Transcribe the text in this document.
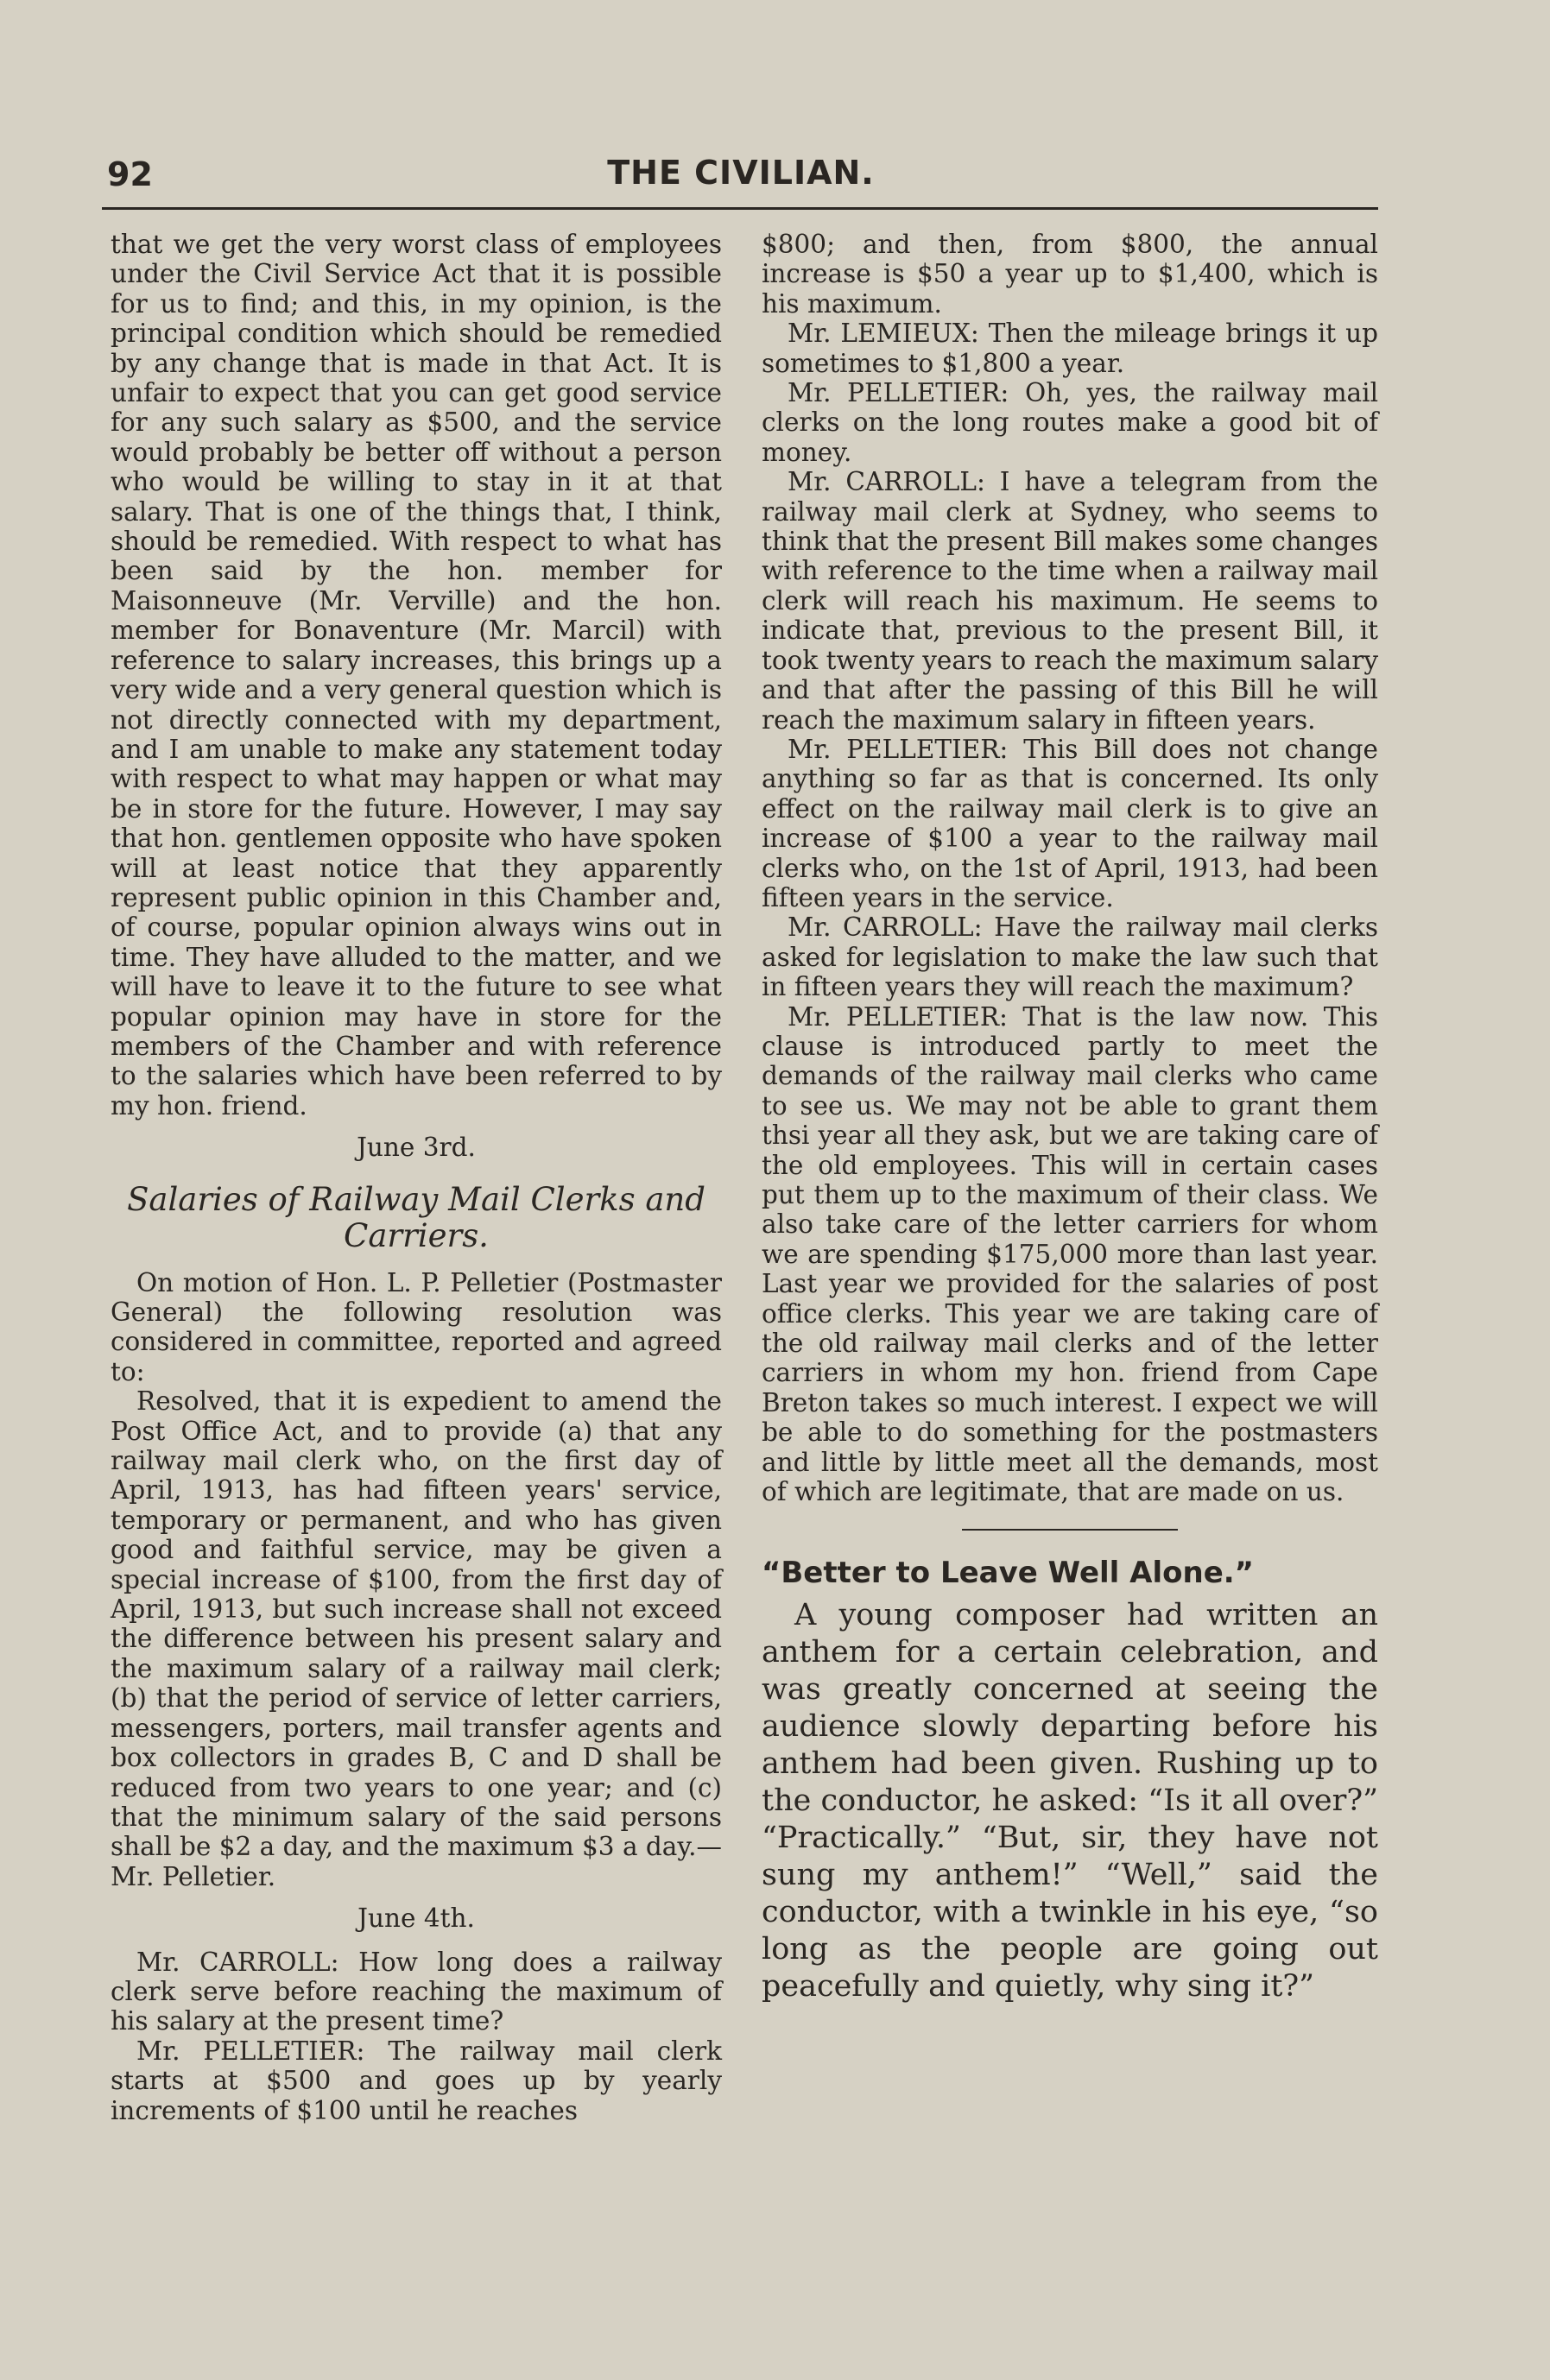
92	THE CIVILIAN.

that we get the very worst class of employees under the Civil Service Act that it is possible for us to find; and this, in my opinion, is the principal condition which should be remedied by any change that is made in that Act. It is unfair to expect that you can get good service for any such salary as $500, and the service would probably be better off without a person who would be willing to stay in it at that salary. That is one of the things that, I think, should be remedied. With respect to what has been said by the hon. member for Maisonneuve (Mr. Verville) and the hon. member for Bonaventure (Mr. Marcil) with reference to salary increases, this brings up a very wide and a very general question which is not directly connected with my department, and I am unable to make any statement today with respect to what may happen or what may be in store for the future. However, I may say that hon. gentlemen opposite who have spoken will at least notice that they apparently represent public opinion in this Chamber and, of course, popular opinion always wins out in time. They have alluded to the matter, and we will have to leave it to the future to see what popular opinion may have in store for the members of the Chamber and with reference to the salaries which have been referred to by my hon. friend.

June 3rd.

Salaries of Railway Mail Clerks and Carriers.

On motion of Hon. L. P. Pelletier (Postmaster General) the following resolution was considered in committee, reported and agreed to:

Resolved, that it is expedient to amend the Post Office Act, and to provide (a) that any railway mail clerk who, on the first day of April, 1913, has had fifteen years' service, temporary or permanent, and who has given good and faithful service, may be given a special increase of $100, from the first day of April, 1913, but such increase shall not exceed the difference between his present salary and the maximum salary of a railway mail clerk; (b) that the period of service of letter carriers, messengers, porters, mail transfer agents and box collectors in grades B, C and D shall be reduced from two years to one year; and (c) that the minimum salary of the said persons shall be $2 a day, and the maximum $3 a day.—Mr. Pelletier.

June 4th.

Mr. CARROLL: How long does a railway clerk serve before reaching the maximum of his salary at the present time?

Mr. PELLETIER: The railway mail clerk starts at $500 and goes up by yearly increments of $100 until he reaches

$800; and then, from $800, the annual increase is $50 a year up to $1,400, which is his maximum.

Mr. LEMIEUX: Then the mileage brings it up sometimes to $1,800 a year.

Mr. PELLETIER: Oh, yes, the railway mail clerks on the long routes make a good bit of money.

Mr. CARROLL: I have a telegram from the railway mail clerk at Sydney, who seems to think that the present Bill makes some changes with reference to the time when a railway mail clerk will reach his maximum. He seems to indicate that, previous to the present Bill, it took twenty years to reach the maximum salary and that after the passing of this Bill he will reach the maximum salary in fifteen years.

Mr. PELLETIER: This Bill does not change anything so far as that is concerned. Its only effect on the railway mail clerk is to give an increase of $100 a year to the railway mail clerks who, on the 1st of April, 1913, had been fifteen years in the service.

Mr. CARROLL: Have the railway mail clerks asked for legislation to make the law such that in fifteen years they will reach the maximum?

Mr. PELLETIER: That is the law now. This clause is introduced partly to meet the demands of the railway mail clerks who came to see us. We may not be able to grant them thsi year all they ask, but we are taking care of the old employees. This will in certain cases put them up to the maximum of their class. We also take care of the letter carriers for whom we are spending $175,000 more than last year. Last year we provided for the salaries of post office clerks. This year we are taking care of the old railway mail clerks and of the letter carriers in whom my hon. friend from Cape Breton takes so much interest. I expect we will be able to do something for the postmasters and little by little meet all the demands, most of which are legitimate, that are made on us.

“Better to Leave Well Alone.”

A young composer had written an anthem for a certain celebration, and was greatly concerned at seeing the audience slowly departing before his anthem had been given. Rushing up to the conductor, he asked: “Is it all over?” “Practically.” “But, sir, they have not sung my anthem!” “Well,” said the conductor, with a twinkle in his eye, “so long as the people are going out peacefully and quietly, why sing it?”
